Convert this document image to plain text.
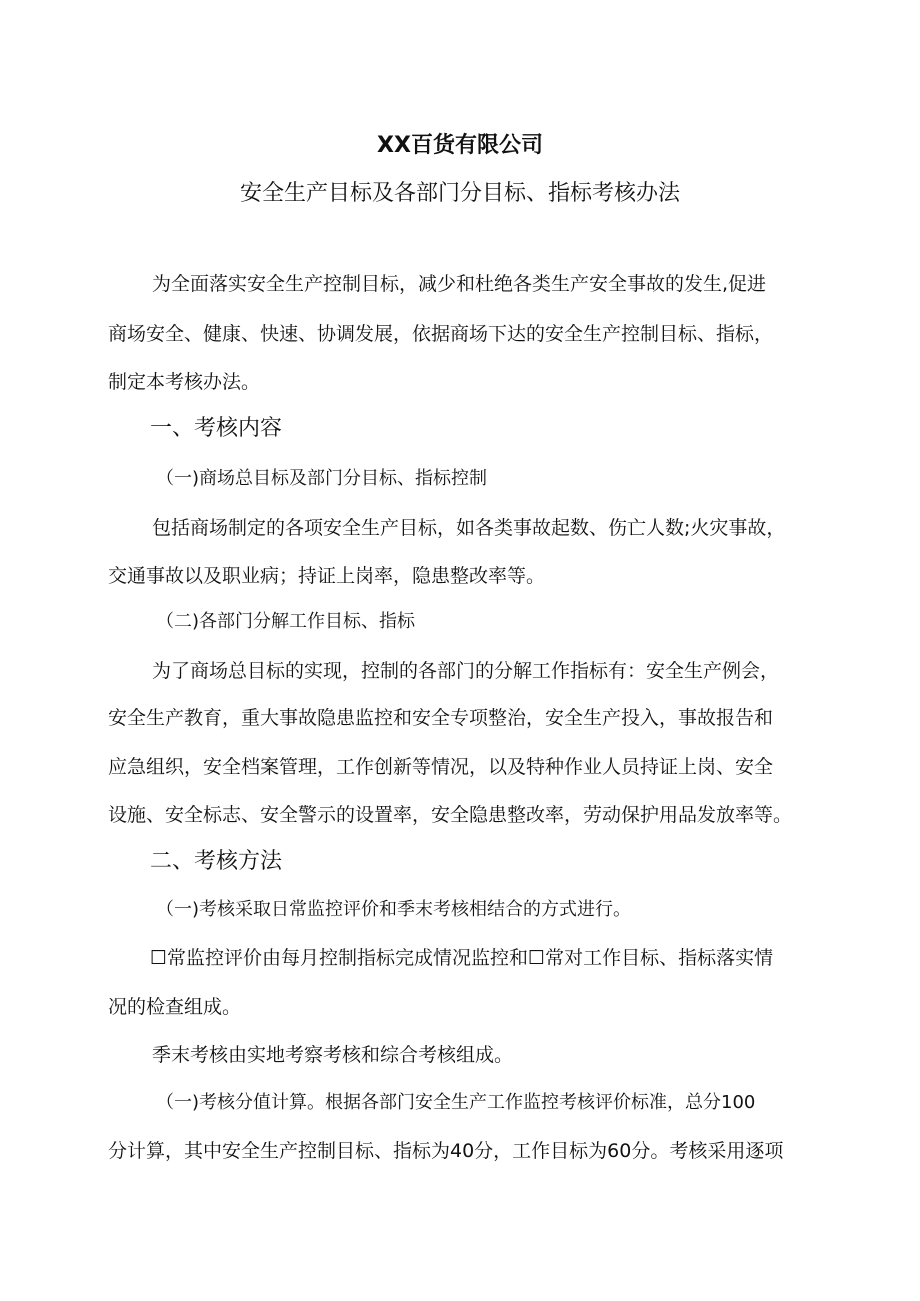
XX百货有限公司
安全生产目标及各部门分目标、指标考核办法
为全面落实安全生产控制目标，减少和杜绝各类生产安全事故的发生,促进
商场安全、健康、快速、协调发展，依据商场下达的安全生产控制目标、指标，
制定本考核办法。
一、考核内容
（一)商场总目标及部门分目标、指标控制
包括商场制定的各项安全生产目标，如各类事故起数、伤亡人数;火灾事故，
交通事故以及职业病；持证上岗率，隐患整改率等。
（二)各部门分解工作目标、指标
为了商场总目标的实现，控制的各部门的分解工作指标有：安全生产例会，
安全生产教育，重大事故隐患监控和安全专项整治，安全生产投入，事故报告和
应急组织，安全档案管理，工作创新等情况，以及特种作业人员持证上岗、安全
设施、安全标志、安全警示的设置率，安全隐患整改率，劳动保护用品发放率等。
二、考核方法
（一)考核采取日常监控评价和季末考核相结合的方式进行。
☐常监控评价由每月控制指标完成情况监控和☐常对工作目标、指标落实情
况的检查组成。
季末考核由实地考察考核和综合考核组成。
（一)考核分值计算。根据各部门安全生产工作监控考核评价标准，总分100
分计算，其中安全生产控制目标、指标为40分，工作目标为60分。考核采用逐项
